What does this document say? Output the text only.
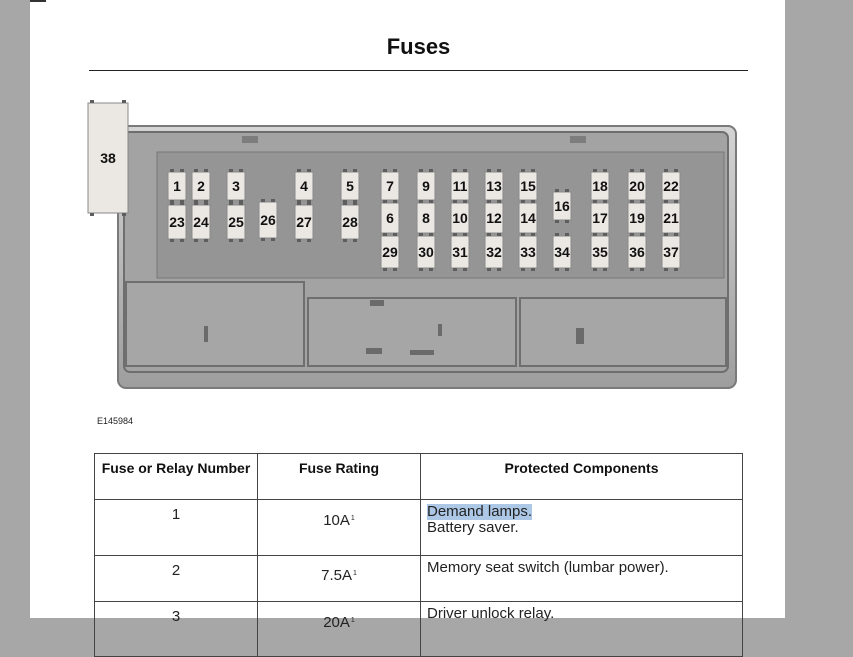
Fuses
1 2 3	4	5 7 9 11 13 15	18 20 22
38
16
23 24 25 26 27 28 6 8 10 12 14	17 19 21
29 30 31 32 33 34 35 36 37
E145984
Fuse or Relay Number	Fuse Rating	Protected Components
1	$10A^1$	Demand lamps.
Battery saver.
2	$7.5A^1$	Memory seat switch (lumbar power).
3	$20A^1$	Driver unlock relay.
